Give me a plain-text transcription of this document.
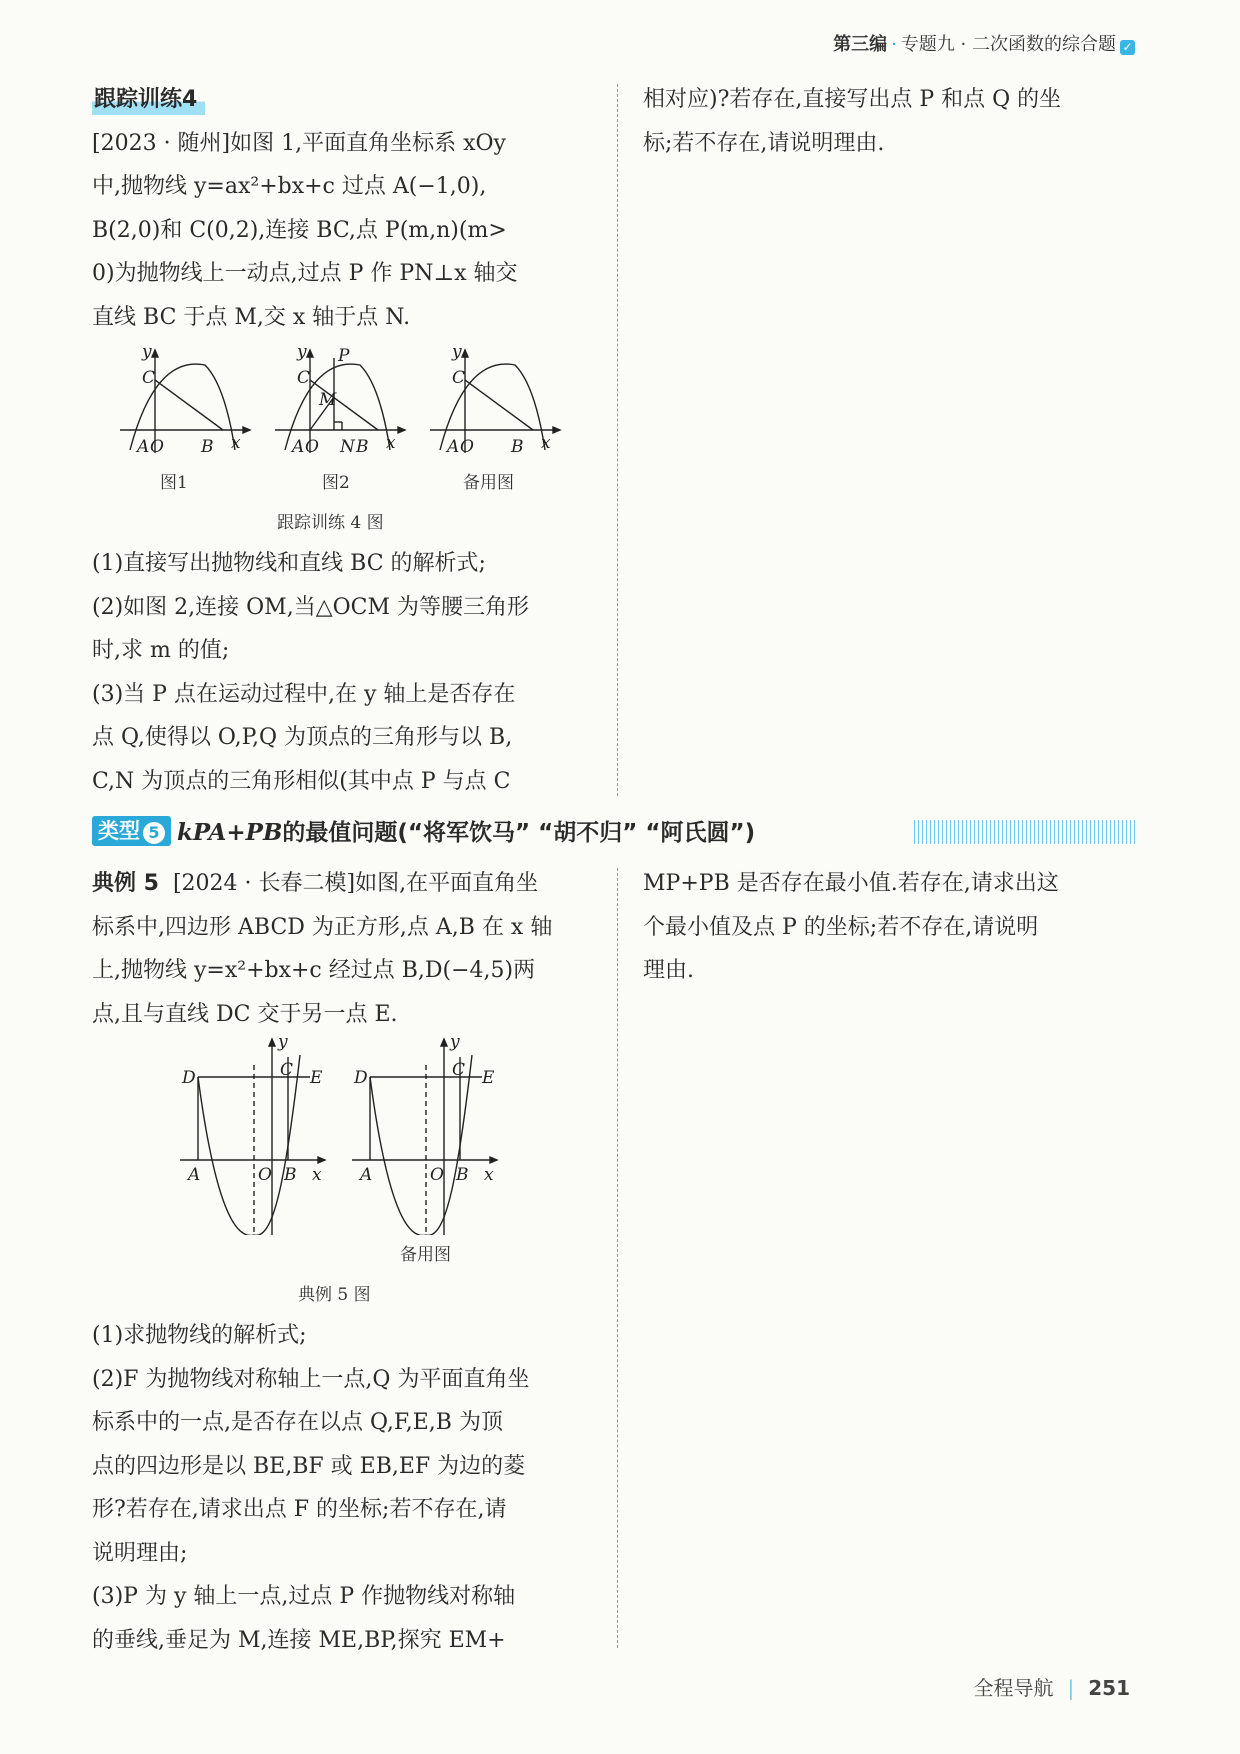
第三编 · 专题九 · 二次函数的综合题 ✓
跟踪训练4

[2023 · 随州]如图 1,平面直角坐标系 xOy

中,抛物线 y=ax²+bx+c 过点 A(−1,0),

B(2,0)和 C(0,2),连接 BC,点 P(m,n)(m>

0)为抛物线上一动点,过点 P 作 PN⊥x 轴交

直线 BC 于点 M,交 x 轴于点 N.

A O B x
y
C
A O N B x
y
C
P
M
A O B x
y
C
图1	图2	备用图
跟踪训练 4 图

(1)直接写出抛物线和直线 BC 的解析式;

(2)如图 2,连接 OM,当△OCM 为等腰三角形

时,求 m 的值;

(3)当 P 点在运动过程中,在 y 轴上是否存在

点 Q,使得以 O,P,Q 为顶点的三角形与以 B,

C,N 为顶点的三角形相似(其中点 P 与点 C

相对应)?若存在,直接写出点 P 和点 Q 的坐

标;若不存在,请说明理由.

类型 5 kPA+PB的最值问题(“将军饮马” “胡不归” “阿氏圆”)

典例 5 [2024 · 长春二模]如图,在平面直角坐

标系中,四边形 ABCD 为正方形,点 A,B 在 x 轴

上,抛物线 y=x²+bx+c 经过点 B,D(−4,5)两

点,且与直线 DC 交于另一点 E.

D
y
C E
A	O B x
D
y
C E
A	O B x
备用图
典例 5 图

(1)求抛物线的解析式;

(2)F 为抛物线对称轴上一点,Q 为平面直角坐

标系中的一点,是否存在以点 Q,F,E,B 为顶

点的四边形是以 BE,BF 或 EB,EF 为边的菱

形?若存在,请求出点 F 的坐标;若不存在,请

说明理由;

(3)P 为 y 轴上一点,过点 P 作抛物线对称轴

的垂线,垂足为 M,连接 ME,BP,探究 EM+

MP+PB 是否存在最小值.若存在,请求出这

个最小值及点 P 的坐标;若不存在,请说明

理由.

全程导航 | 251
